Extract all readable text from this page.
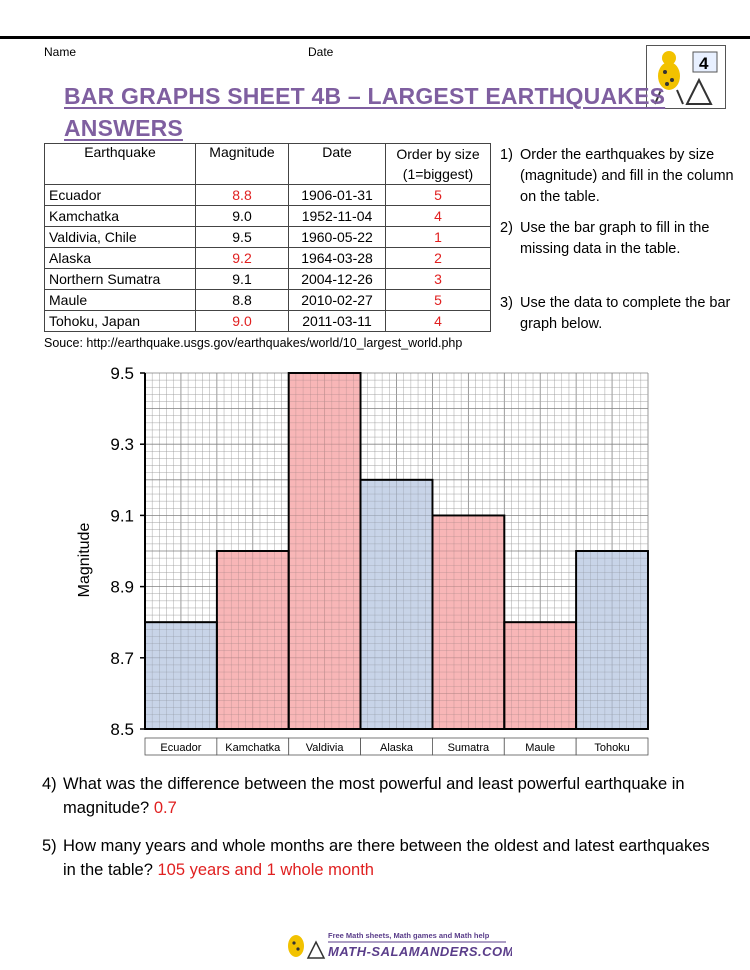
Name	Date
4
BAR GRAPHS SHEET 4B – LARGEST EARTHQUAKES
ANSWERS
Earthquake	Magnitude	Date	Order by size
(1=biggest)

Ecuador	8.8	1906-01-31	5
Kamchatka	9.0	1952-11-04	4
Valdivia, Chile	9.5	1960-05-22	1
Alaska	9.2	1964-03-28	2
Northern Sumatra	9.1	2004-12-26	3
Maule	8.8	2010-02-27	5
Tohoku, Japan	9.0	2011-03-11	4
1) Order the earthquakes by size (magnitude) and fill in the column on the table.
2) Use the bar graph to fill in the missing data in the table.
3) Use the data to complete the bar graph below.
Souce: http://earthquake.usgs.gov/earthquakes/world/10_largest_world.php
8.5
8.7
8.9
9.1
9.3
9.5
Magnitude
Ecuador Kamchatka Valdivia	Alaska	Sumatra	Maule	Tohoku
4) What was the difference between the most powerful and least powerful earthquake in magnitude? 0.7
5) How many years and whole months are there between the oldest and latest earthquakes in the table? 105 years and 1 whole month
Free Math sheets, Math games and Math help
MATH-SALAMANDERS.COM
